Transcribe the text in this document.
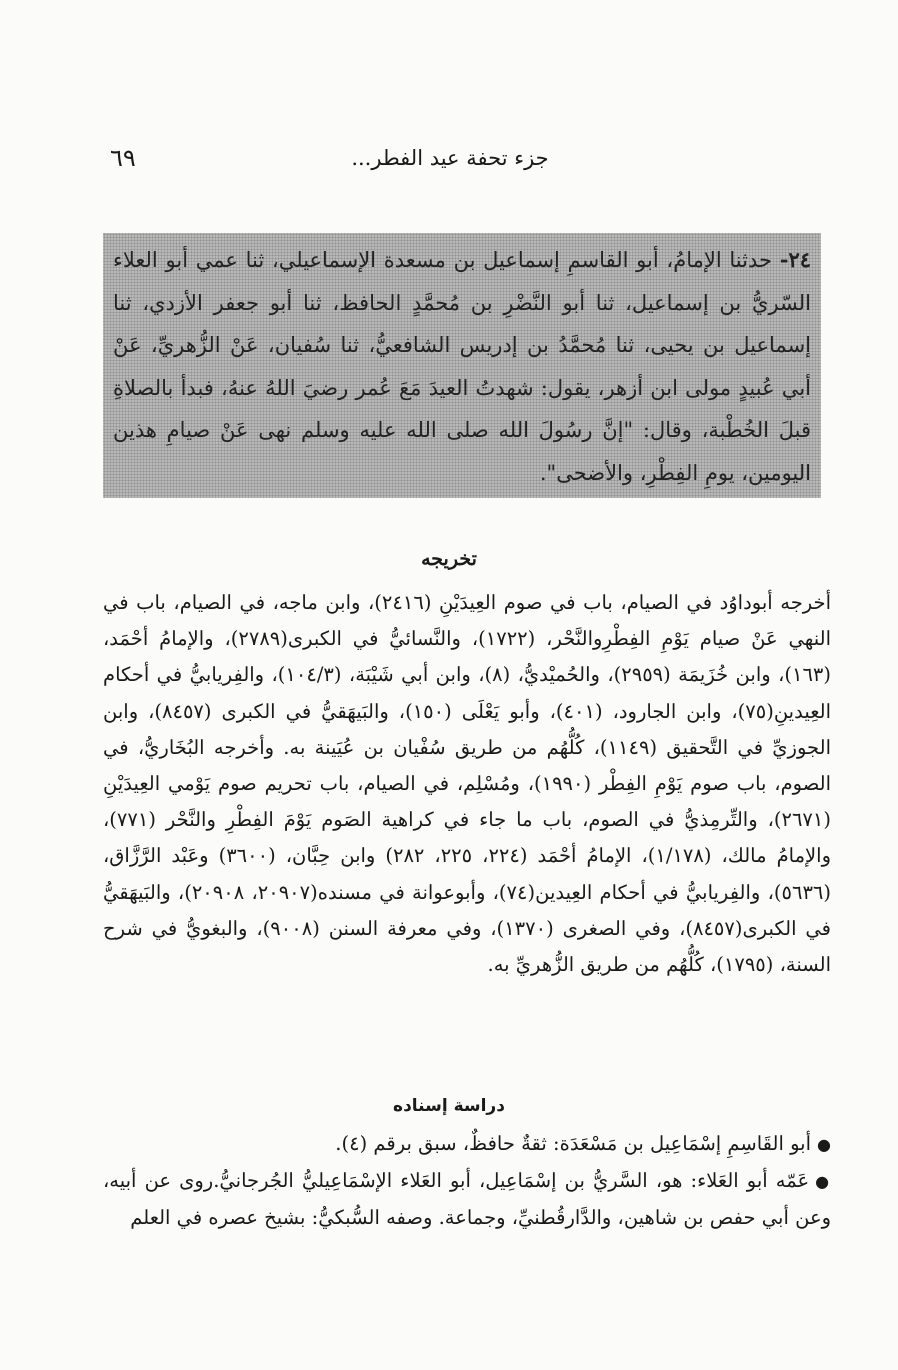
جزء تحفة عيد الفطر...
٦٩
٢٤- حدثنا الإمامُ، أبو القاسمِ إسماعيل بن مسعدة الإسماعيلي، ثنا عمي أبو العلاء السّريُّ بن إسماعيل، ثنا أبو النَّضْرِ بن مُحمَّدٍ الحافظ، ثنا أبو جعفر الأزدي، ثنا إسماعيل بن يحيى، ثنا مُحمَّدُ بن إدريس الشافعيُّ، ثنا سُفيان، عَنْ الزُّهريِّ، عَنْ أبي عُبيدٍ مولى ابن أزهر، يقول: شهدتُ العيدَ مَعَ عُمر رضيَ اللهُ عنهُ، فبدأ بالصلاةِ قبلَ الخُطْبة، وقال: "إنَّ رسُولَ الله صلى الله عليه وسلم نهى عَنْ صيامِ هذين اليومين، يومِ الفِطْرِ، والأضحى".
تخريجه
أخرجه أبوداوُد في الصيام، باب في صوم العِيدَيْنِ (٢٤١٦)، وابن ماجه، في الصيام، باب في النهي عَنْ صيام يَوْمِ الفِطْرِوالنَّحْر، (١٧٢٢)، والنَّسائيُّ في الكبرى(٢٧٨٩)، والإمامُ أحْمَد، (١٦٣)، وابن خُزَيمَة (٢٩٥٩)، والحُميْديُّ، (٨)، وابن أبي شَيْبَة، (١٠٤/٣)، والفِريابيُّ في أحكام العِيدينِ(٧٥)، وابن الجارود، (٤٠١)، وأبو يَعْلَى (١٥٠)، والبَيهَقيُّ في الكبرى (٨٤٥٧)، وابن الجوزيِّ في التَّحقيق (١١٤٩)، كُلُّهُم من طريق سُفْيان بن عُيَينة به. وأخرجه البُخَاريُّ، في الصوم، باب صوم يَوْمِ الفِطْر (١٩٩٠)، ومُسْلِم، في الصيام، باب تحريم صوم يَوْمي العِيدَيْنِ (٢٦٧١)، والتِّرمِذيُّ في الصوم، باب ما جاء في كراهية الصَوم يَوْمَ الفِطْرِ والنَّحْر (٧٧١)، والإمامُ مالك، (١/١٧٨)، الإمامُ أحْمَد (٢٢٤، ٢٢٥، ٢٨٢) وابن حِبَّان، (٣٦٠٠) وعَبْد الرَّزَّاق، (٥٦٣٦)، والفِريابيُّ في أحكام العِيدين(٧٤)، وأبوعوانة في مسنده(٢٠٩٠٧، ٢٠٩٠٨)، والبَيهَقيُّ في الكبرى(٨٤٥٧)، وفي الصغرى (١٣٧٠)، وفي معرفة السنن (٩٠٠٨)، والبغويُّ في شرح السنة، (١٧٩٥)، كُلُّهُم من طريق الزُّهريِّ به.
دراسة إسناده

●أبو القَاسِمِ إسْمَاعِيل بن مَسْعَدَة: ثقةٌ حافظٌ، سبق برقم (٤).

●عَمّه أبو العَلاء: هو، السَّريُّ بن إسْمَاعِيل، أبو العَلاء الإسْمَاعِيليُّ الجُرجانيُّ.روى عن أبيه، وعن أبي حفص بن شاهين، والدَّارقُطنيِّ، وجماعة. وصفه السُّبكيُّ: بشيخ عصره في العلم
